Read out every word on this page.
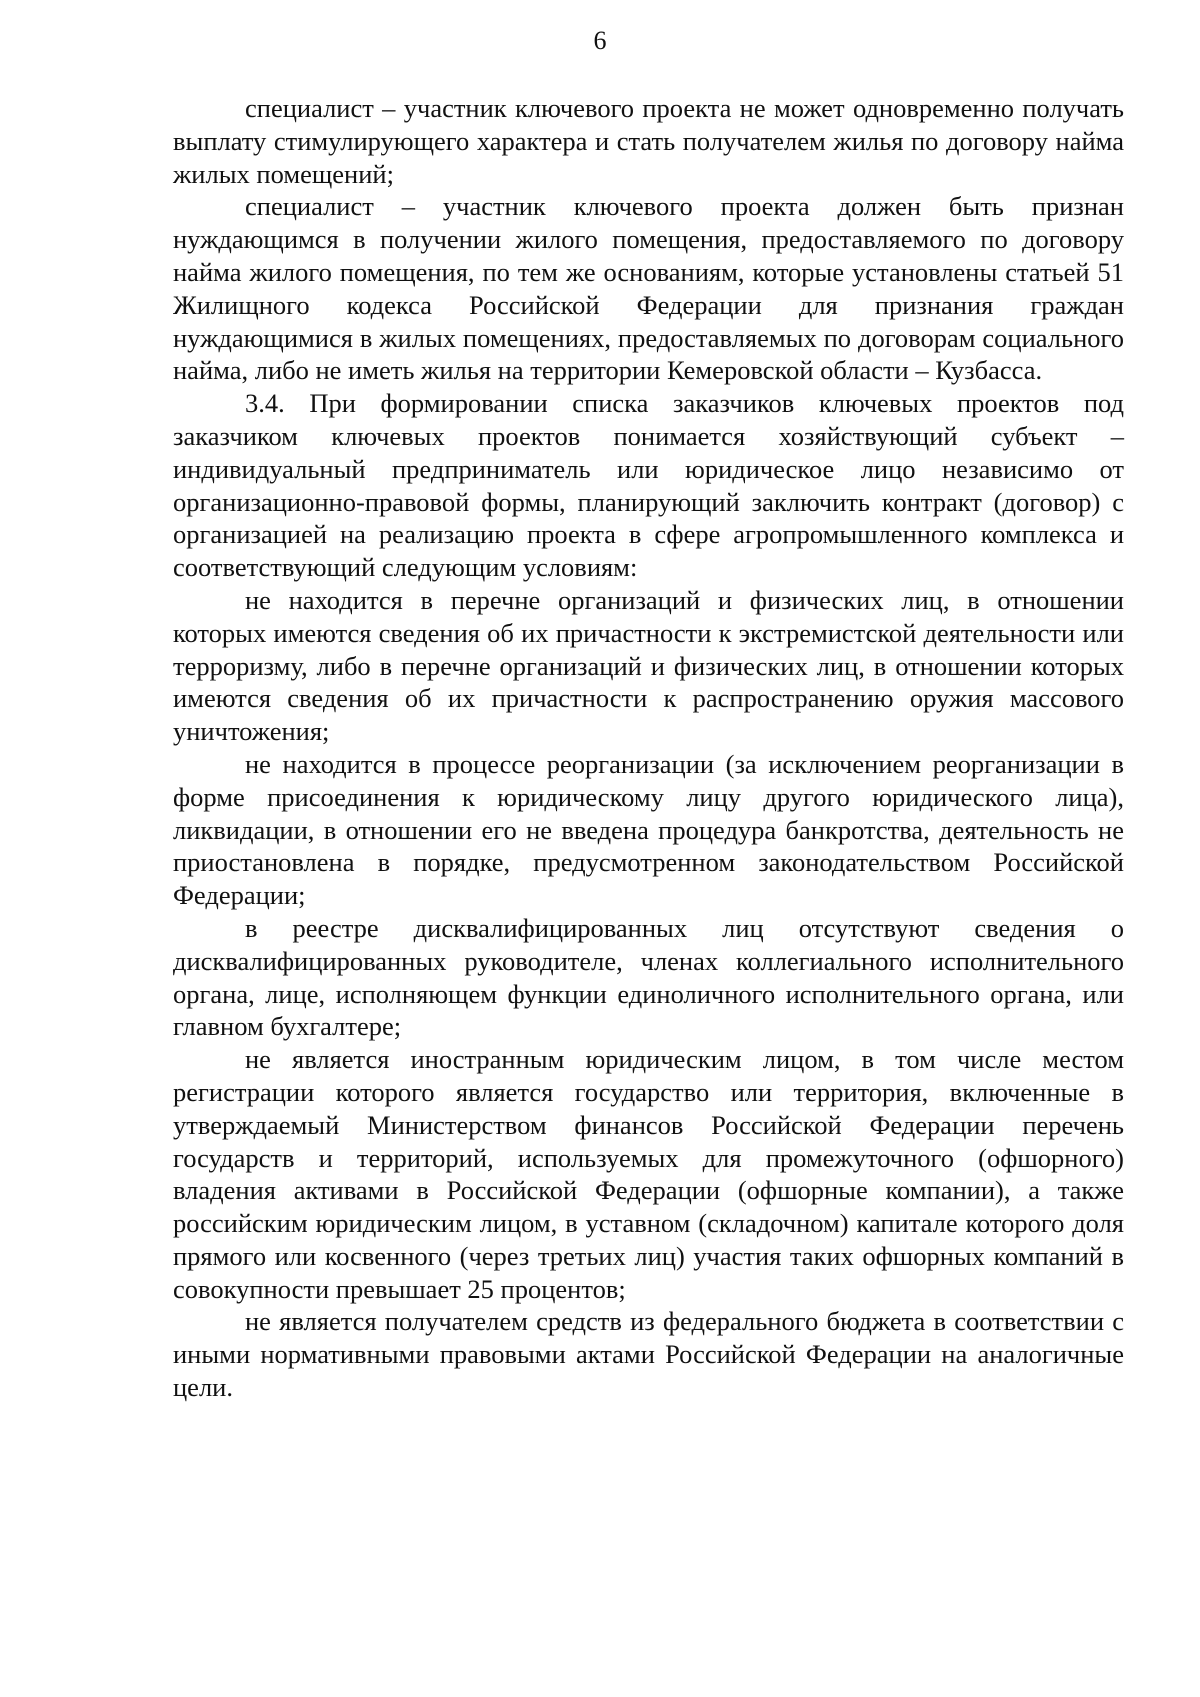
6

специалист – участник ключевого проекта не может одновременно получать выплату стимулирующего характера и стать получателем жилья по договору найма жилых помещений;

специалист – участник ключевого проекта должен быть признан нуждающимся в получении жилого помещения, предоставляемого по договору найма жилого помещения, по тем же основаниям, которые установлены статьей 51 Жилищного кодекса Российской Федерации для признания граждан нуждающимися в жилых помещениях, предоставляемых по договорам социального найма, либо не иметь жилья на территории Кемеровской области – Кузбасса.

3.4. При формировании списка заказчиков ключевых проектов под заказчиком ключевых проектов понимается хозяйствующий субъект – индивидуальный предприниматель или юридическое лицо независимо от организационно-правовой формы, планирующий заключить контракт (договор) с организацией на реализацию проекта в сфере агропромышленного комплекса и соответствующий следующим условиям:

не находится в перечне организаций и физических лиц, в отношении которых имеются сведения об их причастности к экстремистской деятельности или терроризму, либо в перечне организаций и физических лиц, в отношении которых имеются сведения об их причастности к распространению оружия массового уничтожения;

не находится в процессе реорганизации (за исключением реорганизации в форме присоединения к юридическому лицу другого юридического лица), ликвидации, в отношении его не введена процедура банкротства, деятельность не приостановлена в порядке, предусмотренном законодательством Российской Федерации;

в реестре дисквалифицированных лиц отсутствуют сведения о дисквалифицированных руководителе, членах коллегиального исполнительного органа, лице, исполняющем функции единоличного исполнительного органа, или главном бухгалтере;

не является иностранным юридическим лицом, в том числе местом регистрации которого является государство или территория, включенные в утверждаемый Министерством финансов Российской Федерации перечень государств и территорий, используемых для промежуточного (офшорного) владения активами в Российской Федерации (офшорные компании), а также российским юридическим лицом, в уставном (складочном) капитале которого доля прямого или косвенного (через третьих лиц) участия таких офшорных компаний в совокупности превышает 25 процентов;

не является получателем средств из федерального бюджета в соответствии с иными нормативными правовыми актами Российской Федерации на аналогичные цели.
